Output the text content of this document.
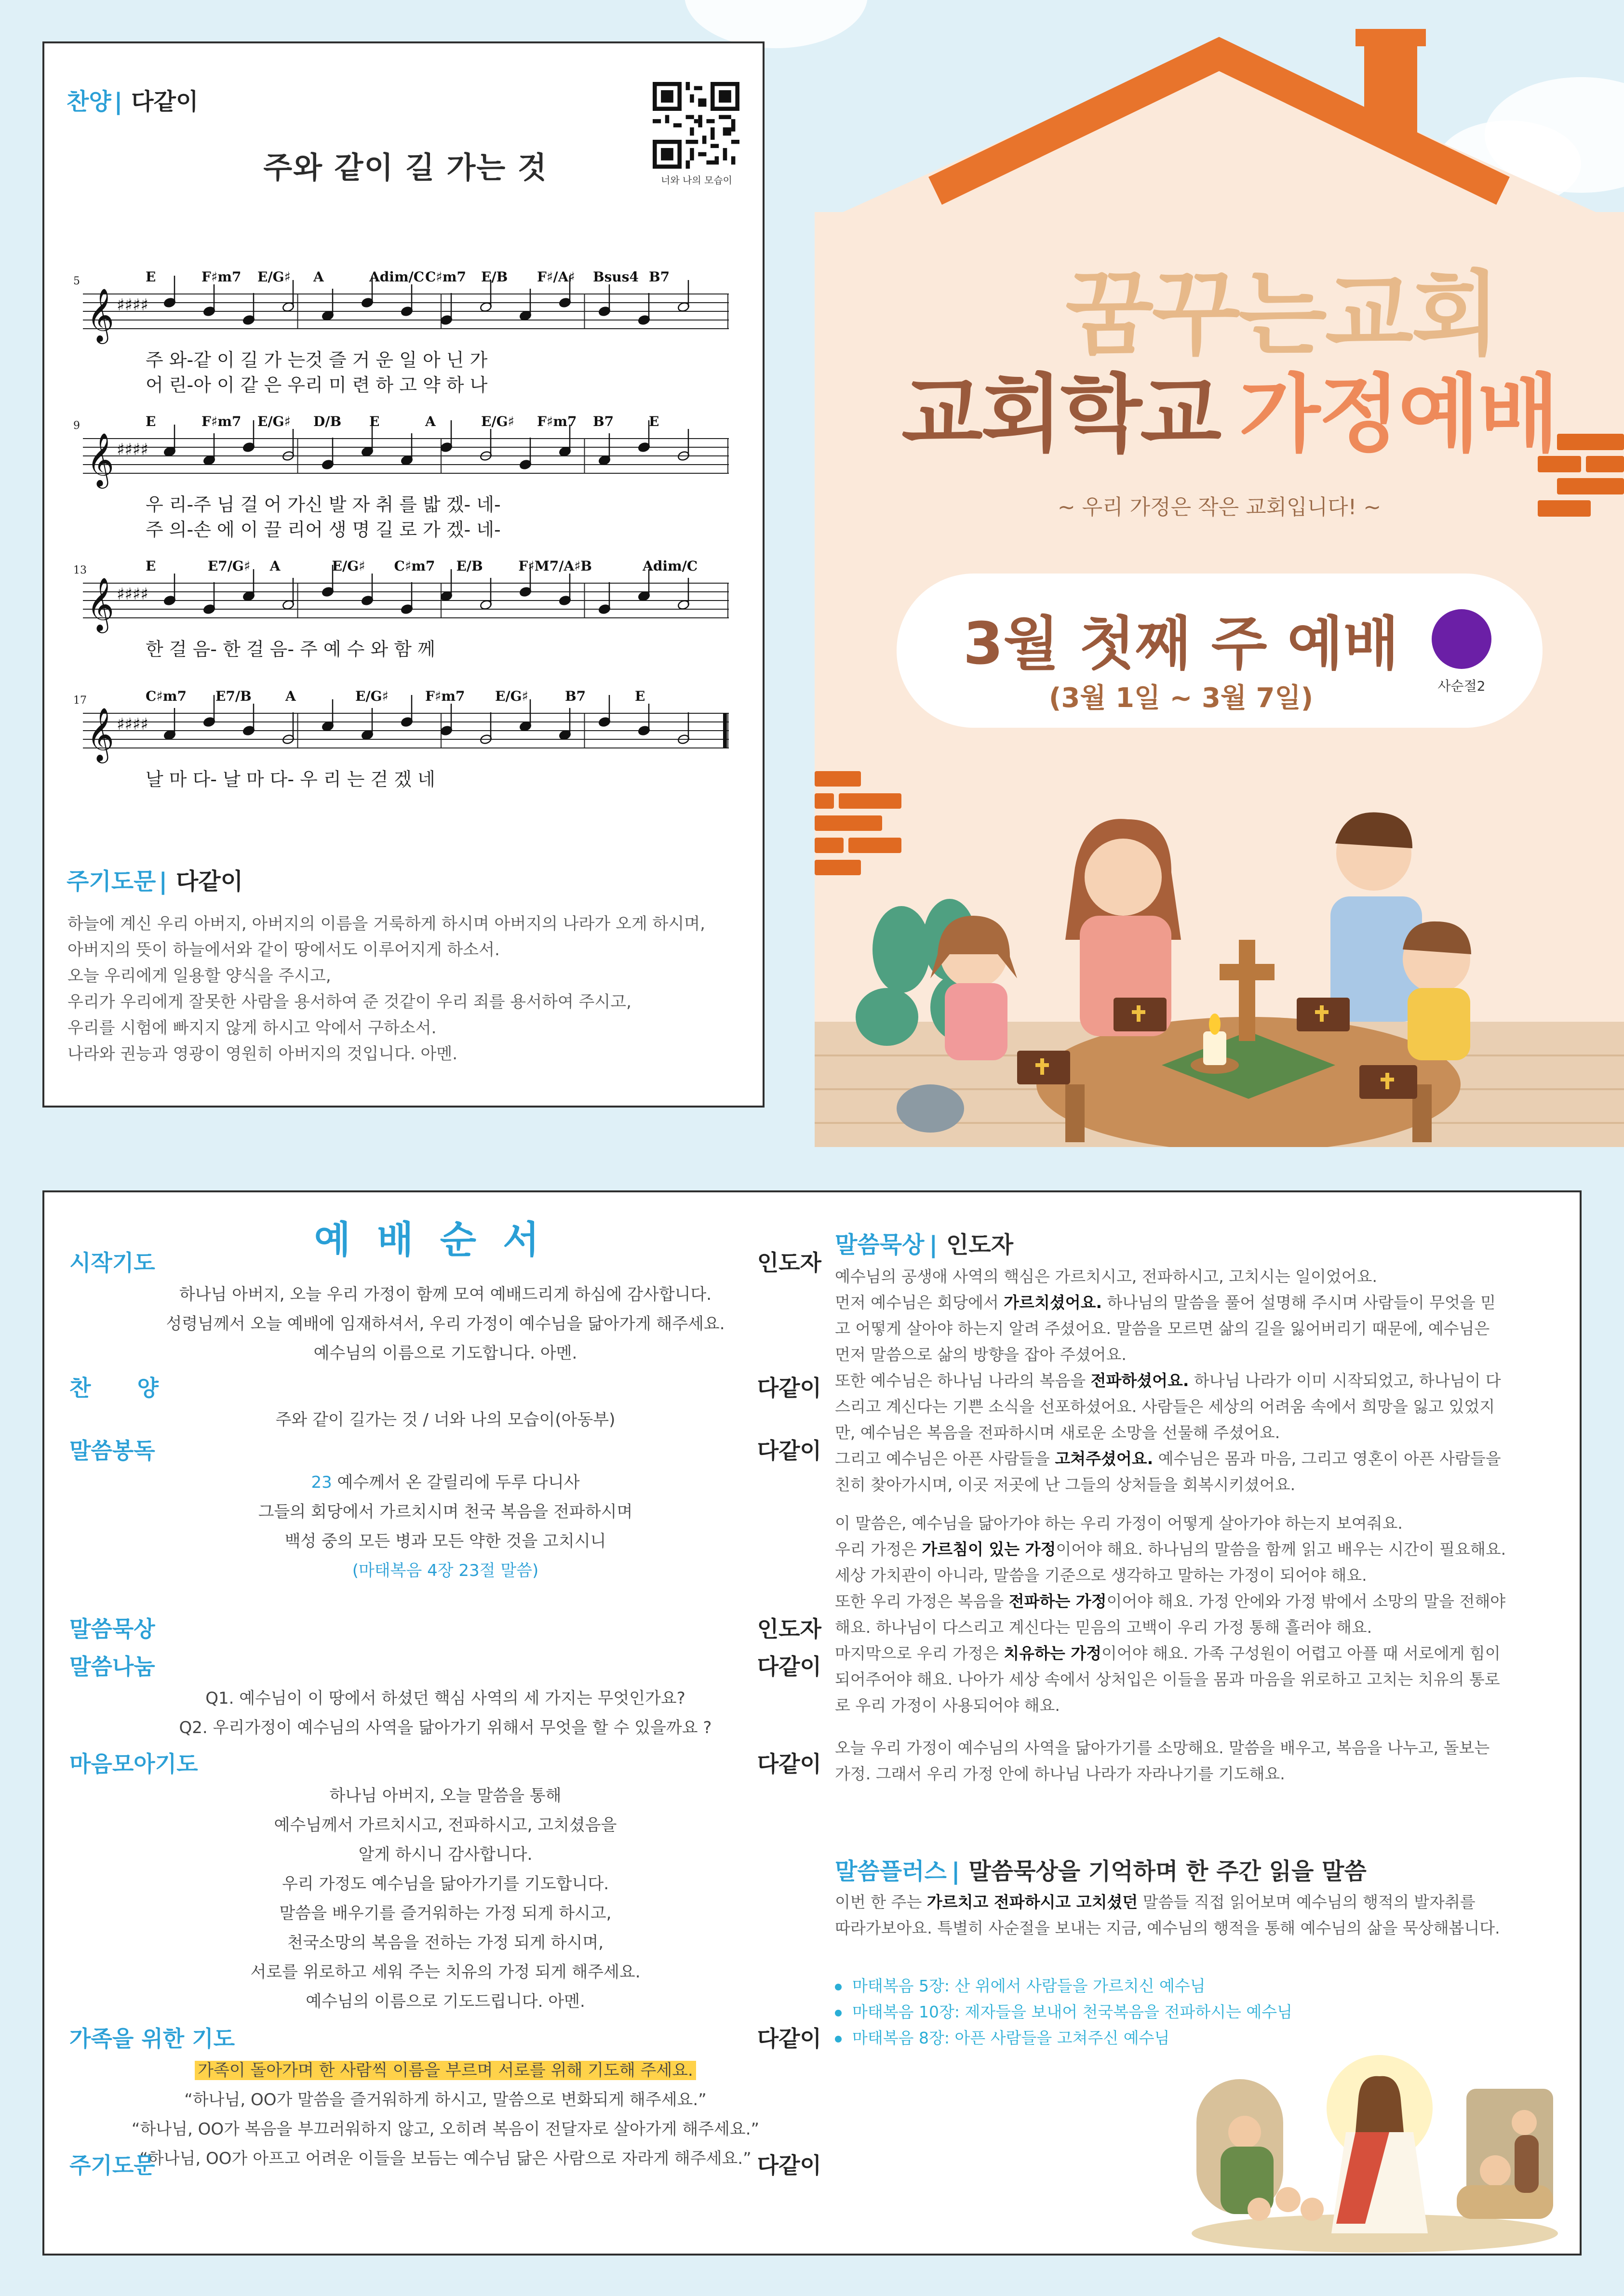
찬양 | 다같이
너와 나의 모습이
주와 같이 길 가는 것
5	E	F♯m7 E/G♯ A	Adim/C C♯m7 E/B F♯/A♯ Bsus4 B7
𝄞 ♯♯♯♯
주 와-같 이 길 가 는것 즐 거 운 일 아 닌 가
어 린-아 이 같 은 우리 미 련 하 고 약 하 나
9	E	F♯m7 E/G♯ D/B E	A	E/G♯ F♯m7 B7	E
𝄞 ♯♯♯♯
우 리-주 님 걸 어 가신 발 자 취 를 밟 겠- 네-
주 의-손 에 이 끌 리어 생 명 길 로 가 겠- 네-
13	E	E7/G♯ A	E/G♯ C♯m7 E/B	F♯M7/A♯ B	Adim/C
𝄞 ♯♯♯♯
한 걸 음- 한 걸 음- 주 예 수 와 함 께
17	C♯m7 E7/B	A	E/G♯	F♯m7 E/G♯	B7	E
𝄞 ♯♯♯♯
날 마 다- 날 마 다- 우 리 는 걷 겠 네
주기도문 | 다같이
하늘에 계신 우리 아버지, 아버지의 이름을 거룩하게 하시며 아버지의 나라가 오게 하시며,
아버지의 뜻이 하늘에서와 같이 땅에서도 이루어지게 하소서.
오늘 우리에게 일용할 양식을 주시고,
우리가 우리에게 잘못한 사람을 용서하여 준 것같이 우리 죄를 용서하여 주시고,
우리를 시험에 빠지지 않게 하시고 악에서 구하소서.
나라와 권능과 영광이 영원히 아버지의 것입니다. 아멘.
꿈꾸는교회
교회학교 가정예배
~ 우리 가정은 작은 교회입니다! ~
3월 첫째 주 예배
(3월 1일 ~ 3월 7일)	사순절2
예 배 순 서
시작기도	인도자
하나님 아버지, 오늘 우리 가정이 함께 모여 예배드리게 하심에 감사합니다.
성령님께서 오늘 예배에 임재하셔서, 우리 가정이 예수님을 닮아가게 해주세요.
예수님의 이름으로 기도합니다. 아멘.
찬      양	다같이
주와 같이 길가는 것 / 너와 나의 모습이(아동부)
말씀봉독	다같이
23 예수께서 온 갈릴리에 두루 다니사
그들의 회당에서 가르치시며 천국 복음을 전파하시며
백성 중의 모든 병과 모든 약한 것을 고치시니
(마태복음 4장 23절 말씀)
말씀묵상	인도자
말씀나눔	다같이
Q1. 예수님이 이 땅에서 하셨던 핵심 사역의 세 가지는 무엇인가요?
Q2. 우리가정이 예수님의 사역을 닮아가기 위해서 무엇을 할 수 있을까요 ?
마음모아기도	다같이
하나님 아버지, 오늘 말씀을 통해
예수님께서 가르치시고, 전파하시고, 고치셨음을
알게 하시니 감사합니다.
우리 가정도 예수님을 닮아가기를 기도합니다.
말씀을 배우기를 즐거워하는 가정 되게 하시고,
천국소망의 복음을 전하는 가정 되게 하시며,
서로를 위로하고 세워 주는 치유의 가정 되게 해주세요.
예수님의 이름으로 기도드립니다. 아멘.
가족을 위한 기도	다같이
가족이 돌아가며 한 사람씩 이름을 부르며 서로를 위해 기도해 주세요.
“하나님, OO가 말씀을 즐거워하게 하시고, 말씀으로 변화되게 해주세요.”
“하나님, OO가 복음을 부끄러워하지 않고, 오히려 복음이 전달자로 살아가게 해주세요.”
“하나님, OO가 아프고 어려운 이들을 보듬는 예수님 닮은 사람으로 자라게 해주세요.”
주기도문	다같이
말씀묵상 | 인도자
예수님의 공생애 사역의 핵심은 가르치시고, 전파하시고, 고치시는 일이었어요.
먼저 예수님은 회당에서 가르치셨어요. 하나님의 말씀을 풀어 설명해 주시며 사람들이 무엇을 믿
고 어떻게 살아야 하는지 알려 주셨어요. 말씀을 모르면 삶의 길을 잃어버리기 때문에, 예수님은
먼저 말씀으로 삶의 방향을 잡아 주셨어요.
또한 예수님은 하나님 나라의 복음을 전파하셨어요. 하나님 나라가 이미 시작되었고, 하나님이 다
스리고 계신다는 기쁜 소식을 선포하셨어요. 사람들은 세상의 어려움 속에서 희망을 잃고 있었지
만, 예수님은 복음을 전파하시며 새로운 소망을 선물해 주셨어요.
그리고 예수님은 아픈 사람들을 고쳐주셨어요. 예수님은 몸과 마음, 그리고 영혼이 아픈 사람들을
친히 찾아가시며, 이곳 저곳에 난 그들의 상처들을 회복시키셨어요.
이 말씀은, 예수님을 닮아가야 하는 우리 가정이 어떻게 살아가야 하는지 보여줘요.
우리 가정은 가르침이 있는 가정이어야 해요. 하나님의 말씀을 함께 읽고 배우는 시간이 필요해요.
세상 가치관이 아니라, 말씀을 기준으로 생각하고 말하는 가정이 되어야 해요.
또한 우리 가정은 복음을 전파하는 가정이어야 해요. 가정 안에와 가정 밖에서 소망의 말을 전해야
해요. 하나님이 다스리고 계신다는 믿음의 고백이 우리 가정 통해 흘러야 해요.
마지막으로 우리 가정은 치유하는 가정이어야 해요. 가족 구성원이 어렵고 아플 때 서로에게 힘이
되어주어야 해요. 나아가 세상 속에서 상처입은 이들을 몸과 마음을 위로하고 고치는 치유의 통로
로 우리 가정이 사용되어야 해요.
오늘 우리 가정이 예수님의 사역을 닮아가기를 소망해요. 말씀을 배우고, 복음을 나누고, 돌보는
가정. 그래서 우리 가정 안에 하나님 나라가 자라나기를 기도해요.
말씀플러스 | 말씀묵상을 기억하며 한 주간 읽을 말씀
이번 한 주는 가르치고 전파하시고 고치셨던 말씀들 직접 읽어보며 예수님의 행적의 발자취를
따라가보아요. 특별히 사순절을 보내는 지금, 예수님의 행적을 통해 예수님의 삶을 묵상해봅니다.
마태복음 5장: 산 위에서 사람들을 가르치신 예수님
마태복음 10장: 제자들을 보내어 천국복음을 전파하시는 예수님
마태복음 8장: 아픈 사람들을 고쳐주신 예수님
